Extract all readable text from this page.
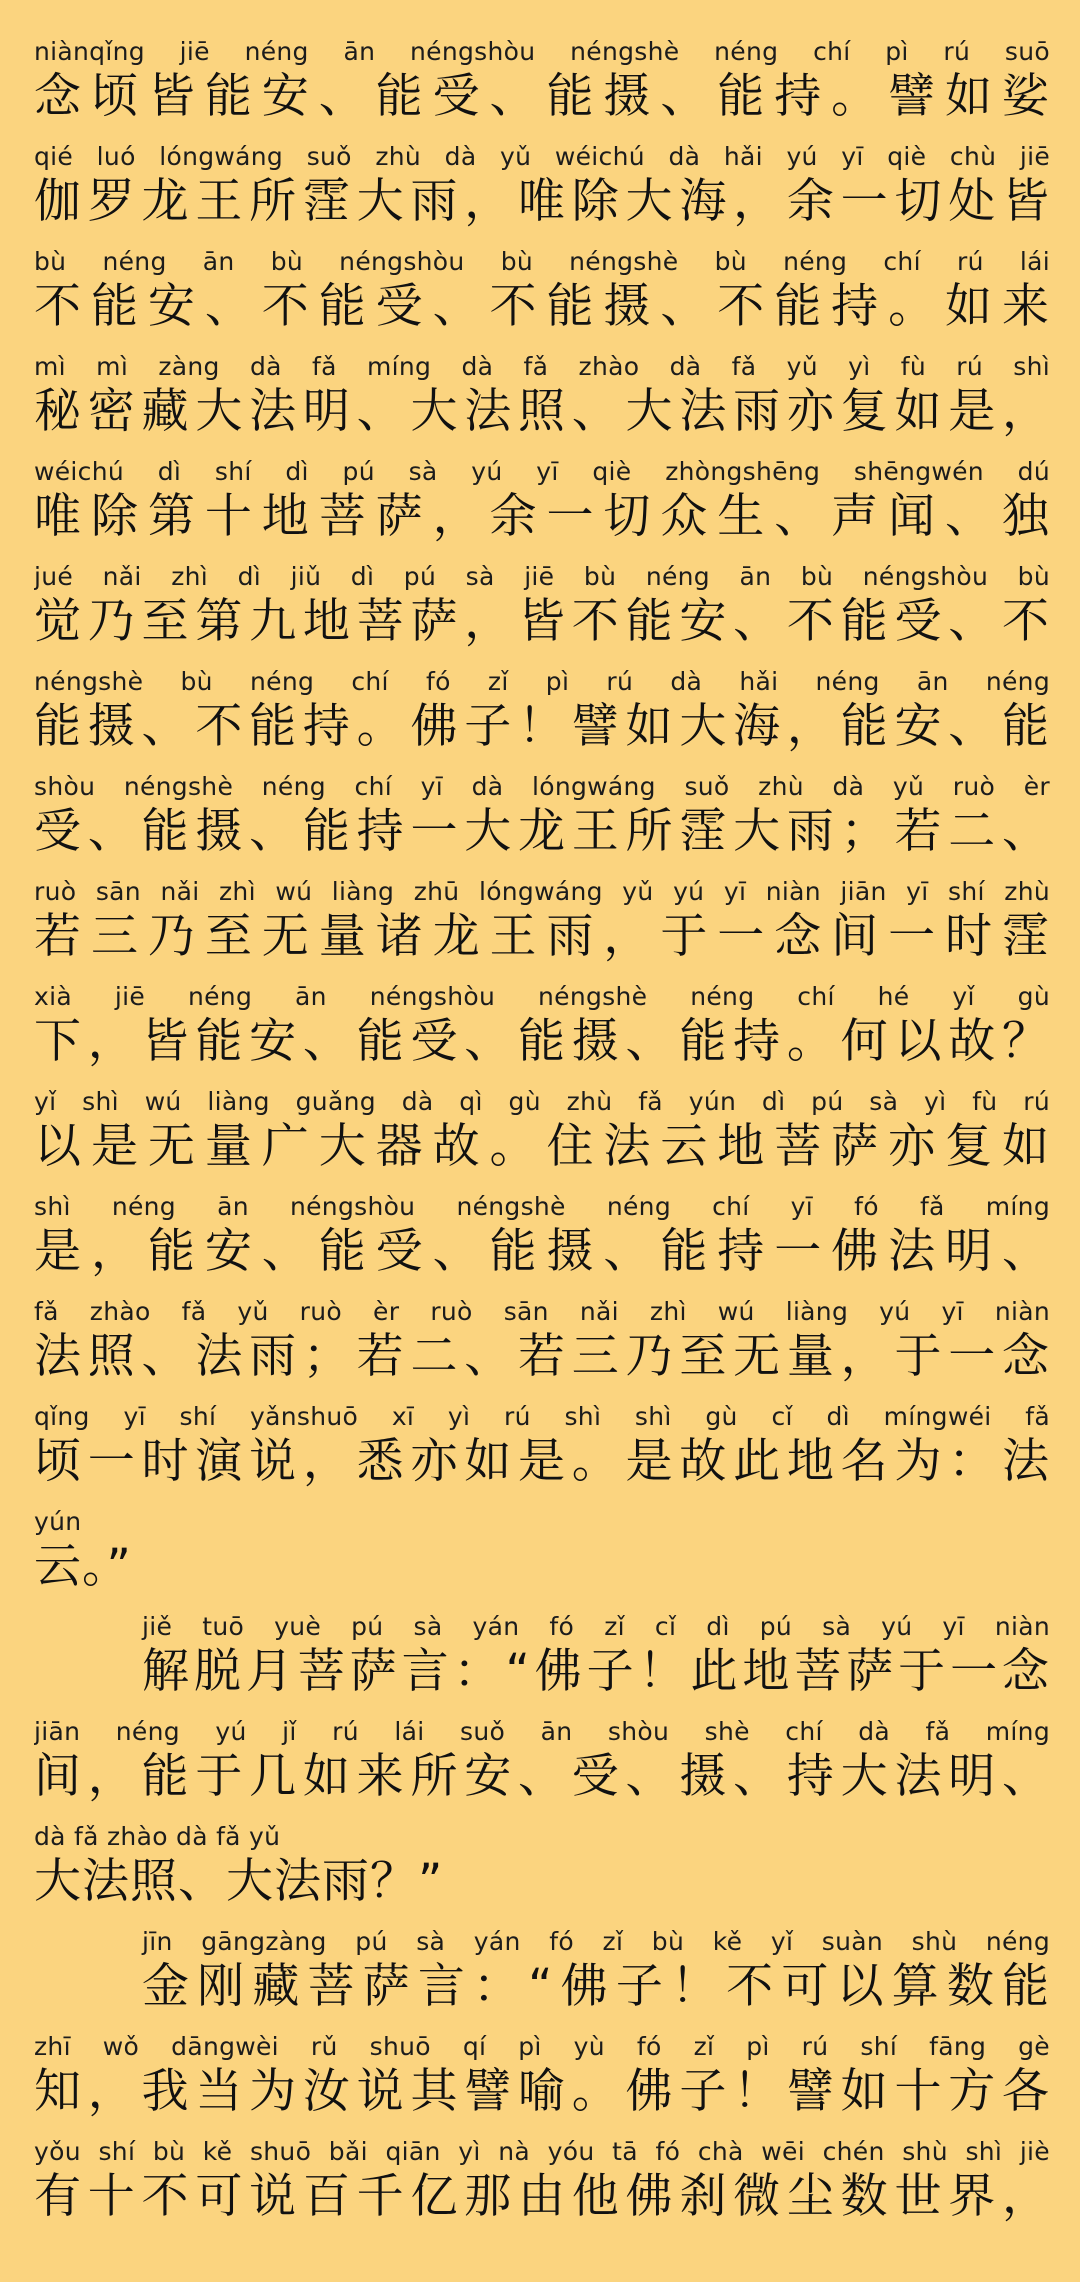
niànqǐng jiē néng ān néngshòu néngshè néng chí pì rú suō
念顷皆能安、能受、能摄、能持。譬如娑
qié luó lóngwáng suǒ zhù dà yǔ wéichú dà hǎi yú yī qiè chù jiē
伽罗龙王所霔大雨，唯除大海，余一切处皆
bù néng ān bù néngshòu bù néngshè bù néng chí rú lái
不能安、不能受、不能摄、不能持。如来
mì mì zàng dà fǎ míng dà fǎ zhào dà fǎ yǔ yì fù rú shì
秘密藏大法明、大法照、大法雨亦复如是，
wéichú dì shí dì pú sà yú yī qiè zhòngshēng shēngwén dú
唯除第十地菩萨，余一切众生、声闻、独
jué nǎi zhì dì jiǔ dì pú sà jiē bù néng ān bù néngshòu bù
觉乃至第九地菩萨，皆不能安、不能受、不
néngshè bù néng chí fó zǐ pì rú dà hǎi néng ān néng
能摄、不能持。佛子！譬如大海，能安、能
shòu néngshè néng chí yī dà lóngwáng suǒ zhù dà yǔ ruò èr
受、能摄、能持一大龙王所霔大雨；若二、
ruò sān nǎi zhì wú liàng zhū lóngwáng yǔ yú yī niàn jiān yī shí zhù
若三乃至无量诸龙王雨，于一念间一时霔
xià jiē néng ān néngshòu néngshè néng chí hé yǐ gù
下，皆能安、能受、能摄、能持。何以故？
yǐ shì wú liàng guǎng dà qì gù zhù fǎ yún dì pú sà yì fù rú
以是无量广大器故。住法云地菩萨亦复如
shì néng ān néngshòu néngshè néng chí yī fó fǎ míng
是，能安、能受、能摄、能持一佛法明、
fǎ zhào fǎ yǔ ruò èr ruò sān nǎi zhì wú liàng yú yī niàn
法照、法雨；若二、若三乃至无量，于一念
qǐng yī shí yǎnshuō xī yì rú shì shì gù cǐ dì míngwéi fǎ
顷一时演说，悉亦如是。是故此地名为：法
yún
云。”
jiě tuō yuè pú sà yán fó zǐ cǐ dì pú sà yú yī niàn
解脱月菩萨言：“佛子！此地菩萨于一念
jiān néng yú jǐ rú lái suǒ ān shòu shè chí dà fǎ míng
间，能于几如来所安、受、摄、持大法明、
dà fǎ zhào dà fǎ yǔ
大法照、大法雨？”
jīn gāngzàng pú sà yán fó zǐ bù kě yǐ suàn shù néng
金刚藏菩萨言：“佛子！不可以算数能
zhī wǒ dāngwèi rǔ shuō qí pì yù fó zǐ pì rú shí fāng gè
知，我当为汝说其譬喻。佛子！譬如十方各
yǒu shí bù kě shuō bǎi qiān yì nà yóu tā fó chà wēi chén shù shì jiè
有十不可说百千亿那由他佛刹微尘数世界，
